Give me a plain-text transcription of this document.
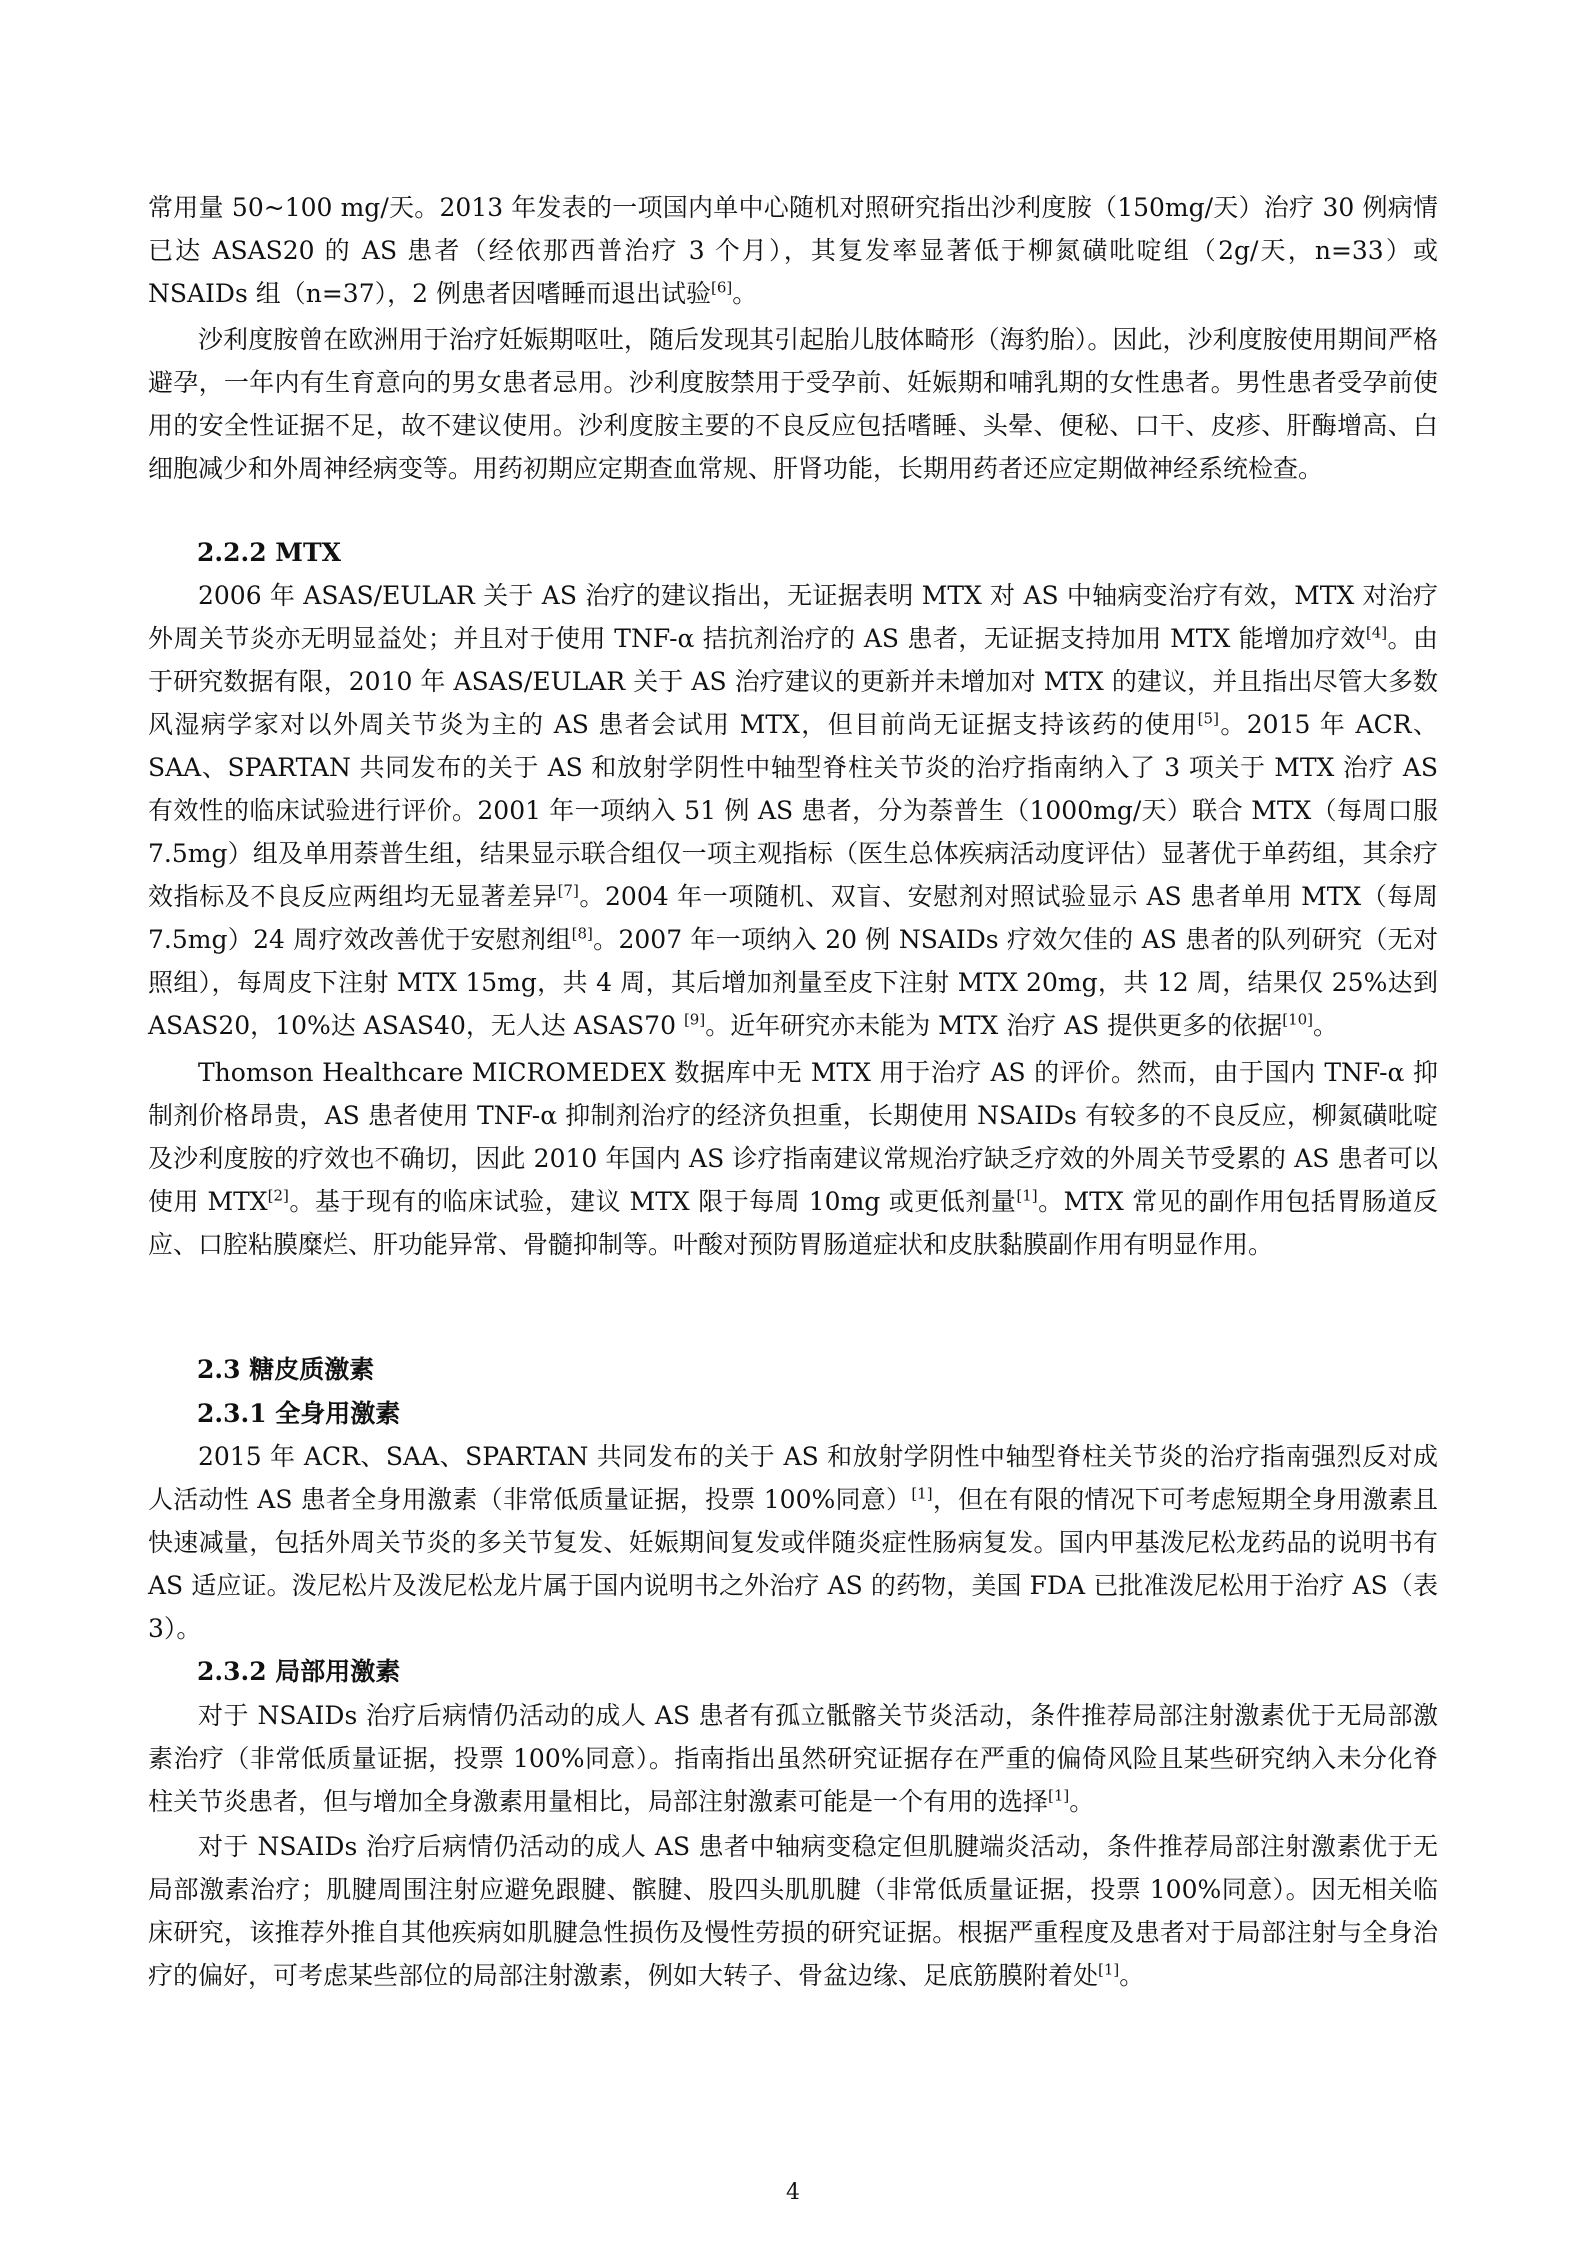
常用量 50~100 mg/天。2013 年发表的一项国内单中心随机对照研究指出沙利度胺（150mg/天）治疗 30 例病情已达 ASAS20 的 AS 患者（经依那西普治疗 3 个月），其复发率显著低于柳氮磺吡啶组（2g/天，n=33）或 NSAIDs 组（n=37），2 例患者因嗜睡而退出试验[6]。
沙利度胺曾在欧洲用于治疗妊娠期呕吐，随后发现其引起胎儿肢体畸形（海豹胎）。因此，沙利度胺使用期间严格避孕，一年内有生育意向的男女患者忌用。沙利度胺禁用于受孕前、妊娠期和哺乳期的女性患者。男性患者受孕前使用的安全性证据不足，故不建议使用。沙利度胺主要的不良反应包括嗜睡、头晕、便秘、口干、皮疹、肝酶增高、白细胞减少和外周神经病变等。用药初期应定期查血常规、肝肾功能，长期用药者还应定期做神经系统检查。
2.2.2 MTX
2006 年 ASAS/EULAR 关于 AS 治疗的建议指出，无证据表明 MTX 对 AS 中轴病变治疗有效，MTX 对治疗外周关节炎亦无明显益处；并且对于使用 TNF-α 拮抗剂治疗的 AS 患者，无证据支持加用 MTX 能增加疗效[4]。由于研究数据有限，2010 年 ASAS/EULAR 关于 AS 治疗建议的更新并未增加对 MTX 的建议，并且指出尽管大多数风湿病学家对以外周关节炎为主的 AS 患者会试用 MTX，但目前尚无证据支持该药的使用[5]。2015 年 ACR、SAA、SPARTAN 共同发布的关于 AS 和放射学阴性中轴型脊柱关节炎的治疗指南纳入了 3 项关于 MTX 治疗 AS 有效性的临床试验进行评价。2001 年一项纳入 51 例 AS 患者，分为萘普生（1000mg/天）联合 MTX（每周口服 7.5mg）组及单用萘普生组，结果显示联合组仅一项主观指标（医生总体疾病活动度评估）显著优于单药组，其余疗效指标及不良反应两组均无显著差异[7]。2004 年一项随机、双盲、安慰剂对照试验显示 AS 患者单用 MTX（每周 7.5mg）24 周疗效改善优于安慰剂组[8]。2007 年一项纳入 20 例 NSAIDs 疗效欠佳的 AS 患者的队列研究（无对照组），每周皮下注射 MTX 15mg，共 4 周，其后增加剂量至皮下注射 MTX 20mg，共 12 周，结果仅 25%达到 ASAS20，10%达 ASAS40，无人达 ASAS70 [9]。近年研究亦未能为 MTX 治疗 AS 提供更多的依据[10]。
Thomson Healthcare MICROMEDEX 数据库中无 MTX 用于治疗 AS 的评价。然而，由于国内 TNF-α 抑制剂价格昂贵，AS 患者使用 TNF-α 抑制剂治疗的经济负担重，长期使用 NSAIDs 有较多的不良反应，柳氮磺吡啶及沙利度胺的疗效也不确切，因此 2010 年国内 AS 诊疗指南建议常规治疗缺乏疗效的外周关节受累的 AS 患者可以使用 MTX[2]。基于现有的临床试验，建议 MTX 限于每周 10mg 或更低剂量[1]。MTX 常见的副作用包括胃肠道反应、口腔粘膜糜烂、肝功能异常、骨髓抑制等。叶酸对预防胃肠道症状和皮肤黏膜副作用有明显作用。
2.3 糖皮质激素
2.3.1 全身用激素
2015 年 ACR、SAA、SPARTAN 共同发布的关于 AS 和放射学阴性中轴型脊柱关节炎的治疗指南强烈反对成人活动性 AS 患者全身用激素（非常低质量证据，投票 100%同意）[1]，但在有限的情况下可考虑短期全身用激素且快速减量，包括外周关节炎的多关节复发、妊娠期间复发或伴随炎症性肠病复发。国内甲基泼尼松龙药品的说明书有 AS 适应证。泼尼松片及泼尼松龙片属于国内说明书之外治疗 AS 的药物，美国 FDA 已批准泼尼松用于治疗 AS（表 3）。
2.3.2 局部用激素
对于 NSAIDs 治疗后病情仍活动的成人 AS 患者有孤立骶髂关节炎活动，条件推荐局部注射激素优于无局部激素治疗（非常低质量证据，投票 100%同意）。指南指出虽然研究证据存在严重的偏倚风险且某些研究纳入未分化脊柱关节炎患者，但与增加全身激素用量相比，局部注射激素可能是一个有用的选择[1]。
对于 NSAIDs 治疗后病情仍活动的成人 AS 患者中轴病变稳定但肌腱端炎活动，条件推荐局部注射激素优于无局部激素治疗；肌腱周围注射应避免跟腱、髌腱、股四头肌肌腱（非常低质量证据，投票 100%同意）。因无相关临床研究，该推荐外推自其他疾病如肌腱急性损伤及慢性劳损的研究证据。根据严重程度及患者对于局部注射与全身治疗的偏好，可考虑某些部位的局部注射激素，例如大转子、骨盆边缘、足底筋膜附着处[1]。
4
